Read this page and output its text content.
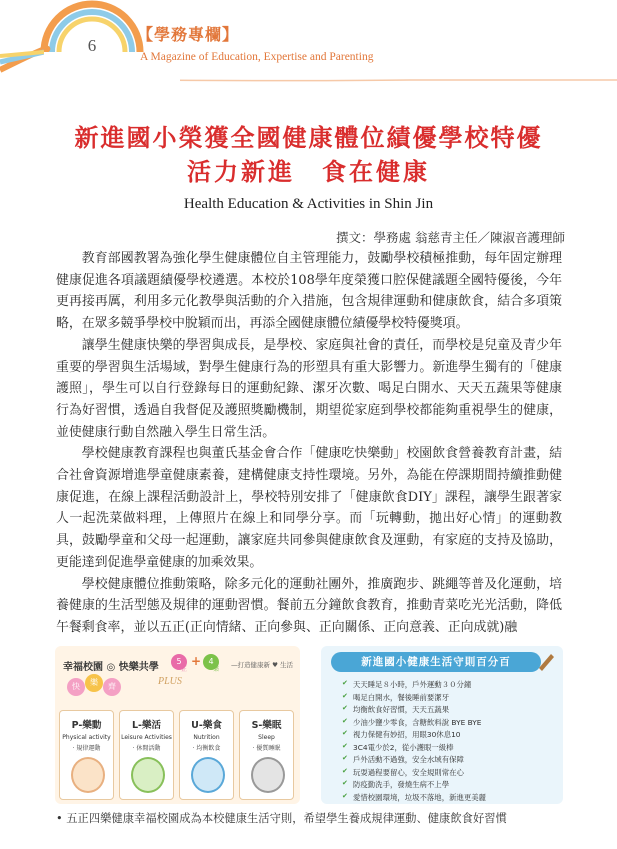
6
【學務專欄】
A Magazine of Education, Expertise and Parenting
新進國小榮獲全國健康體位績優學校特優
活力新進　食在健康
Health Education & Activities in Shin Jin
撰文：學務處 翁慈青主任／陳淑音護理師

教育部國教署為強化學生健康體位自主管理能力，鼓勵學校積極推動，每年固定辦理健康促進各項議題績優學校遴選。本校於108學年度榮獲口腔保健議題全國特優後，今年更再接再厲，利用多元化教學與活動的介入措施，包含規律運動和健康飲食，結合多項策略，在眾多競爭學校中脫穎而出，再添全國健康體位績優學校特優獎項。

讓學生健康快樂的學習與成長，是學校、家庭與社會的責任，而學校是兒童及青少年重要的學習與生活場域，對學生健康行為的形塑具有重大影響力。新進學生獨有的「健康護照」，學生可以自行登錄每日的運動紀錄、潔牙次數、喝足白開水、天天五蔬果等健康行為好習慣，透過自我督促及護照獎勵機制，期望從家庭到學校都能夠重視學生的健康，並使健康行動自然融入學生日常生活。

學校健康教育課程也與董氏基金會合作「健康吃快樂動」校園飲食營養教育計畫，結合社會資源增進學童健康素養，建構健康支持性環境。另外，為能在停課期間持續推動健康促進，在線上課程活動設計上，學校特別安排了「健康飲食DIY」課程，讓學生跟著家人一起洗菜做料理，上傳照片在線上和同學分享。而「玩轉動，拋出好心情」的運動教具，鼓勵學童和父母一起運動，讓家庭共同參與健康飲食及運動，有家庭的支持及協助，更能達到促進學童健康的加乘效果。

學校健康體位推動策略，除多元化的運動社團外，推廣跑步、跳繩等普及化運動，培養健康的生活型態及規律的運動習慣。餐前五分鐘飲食教育，推動青菜吃光光活動，降低午餐剩食率，並以五正(正向情緒、正向參與、正向關係、正向意義、正向成就)融

幸福校園 ◎ 快樂共學
5
正
+ 4
樂
—打造健康新 ♥ 生活
快	樂	齊	PLUS
P-樂動
Physical activity
· 規律運動
L-樂活
Leisure Activities
· 休閒活動
U-樂食
Nutrition
· 均衡飲食
S-樂眠
Sleep
· 優質睡眠
新進國小健康生活守則百分百
✔ 天天睡足８小時，戶外運動３０分鐘
✔ 喝足白開水，餐後睡前要潔牙
✔ 均衡飲食好習慣，天天五蔬果
✔ 少油少鹽少零食，含糖飲料說 BYE BYE
✔ 視力保健有妙招，用眼30休息10
✔ 3C4電少於2，從小護眼一級棒
✔ 戶外活動不過強，安全水域有保障
✔ 玩耍過程要留心，安全規則常在心
✔ 防疫勤洗手，發燒生病不上學
✔ 愛惜校園環境，垃圾不落地，新進更美麗
• 五正四樂健康幸福校園成為本校健康生活守則，希望學生養成規律運動、健康飲食好習慣
